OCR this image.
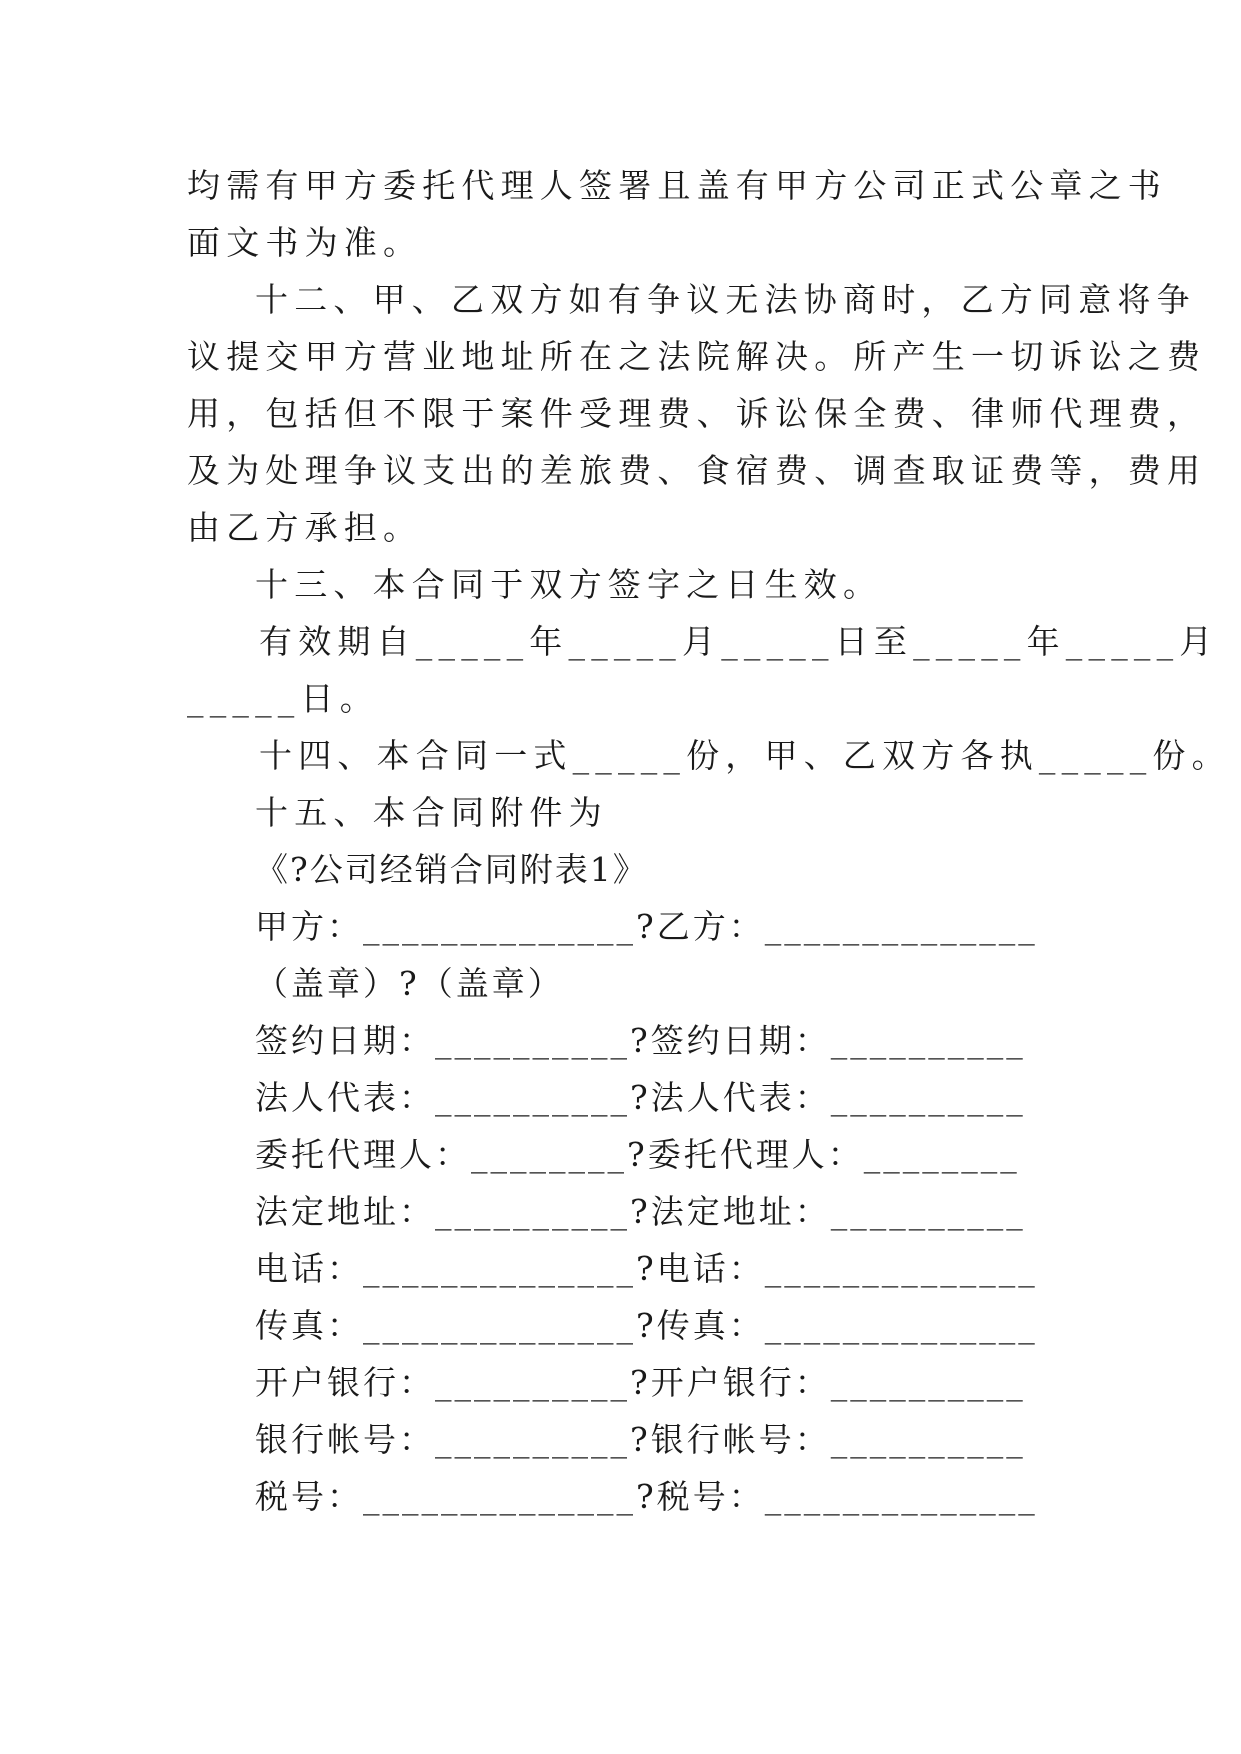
均需有甲方委托代理人签署且盖有甲方公司正式公章之书
面文书为准。
十二、甲、乙双方如有争议无法协商时，乙方同意将争
议提交甲方营业地址所在之法院解决。所产生一切诉讼之费
用，包括但不限于案件受理费、诉讼保全费、律师代理费，
及为处理争议支出的差旅费、食宿费、调查取证费等，费用
由乙方承担。
十三、本合同于双方签字之日生效。
有效期自_____年_____月_____日至_____年_____月
_____日。
十四、本合同一式_____份，甲、乙双方各执_____份。
十五、本合同附件为
《?公司经销合同附表1》
甲方：______________?乙方：______________
（盖章）?（盖章）
签约日期：__________?签约日期：__________
法人代表：__________?法人代表：__________
委托代理人：________?委托代理人：________
法定地址：__________?法定地址：__________
电话：______________?电话：______________
传真：______________?传真：______________
开户银行：__________?开户银行：__________
银行帐号：__________?银行帐号：__________
税号：______________?税号：______________
